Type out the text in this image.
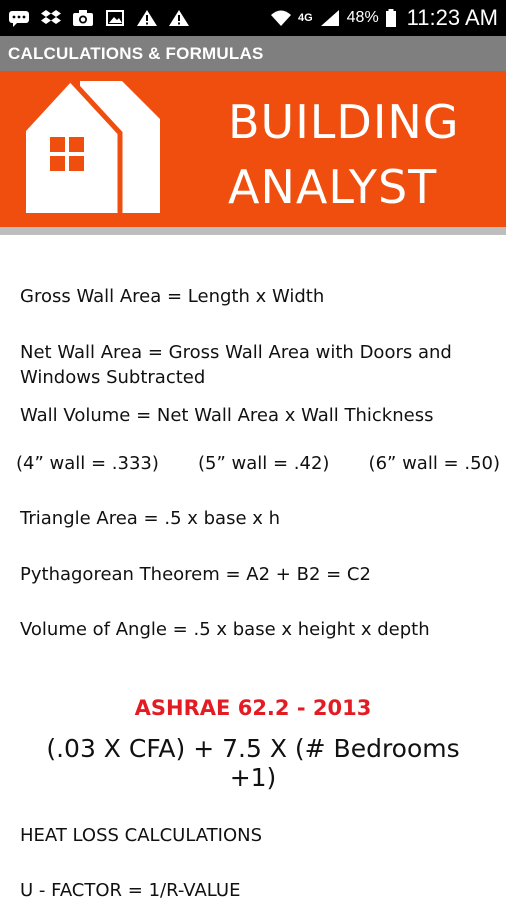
4G 48% 11:23 AM
CALCULATIONS & FORMULAS
BUILDING
ANALYST
Gross Wall Area = Length x Width
Net Wall Area = Gross Wall Area with Doors and Windows Subtracted
Wall Volume = Net Wall Area x Wall Thickness
(4” wall = .333) (5” wall = .42) (6” wall = .50)
Triangle Area = .5 x base x h
Pythagorean Theorem = A2 + B2 = C2
Volume of Angle = .5 x base x height x depth
ASHRAE 62.2 - 2013
(.03 X CFA) + 7.5 X (# Bedrooms +1)
HEAT LOSS CALCULATIONS
U - FACTOR = 1/R-VALUE
